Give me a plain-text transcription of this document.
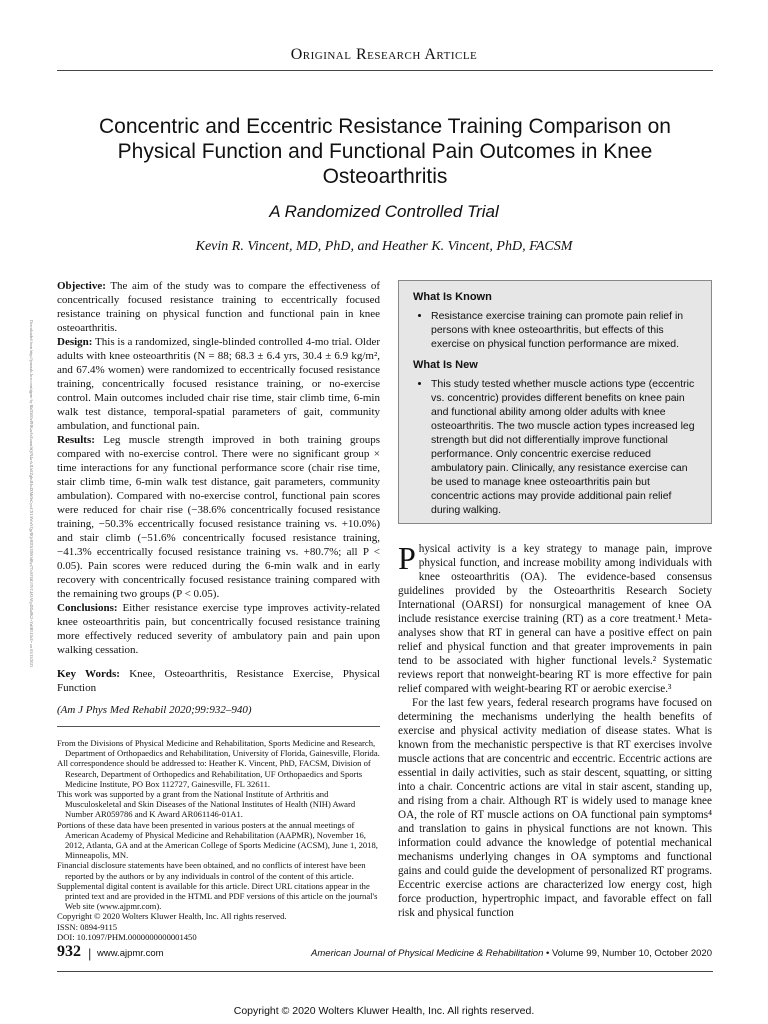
Original Research Article
Concentric and Eccentric Resistance Training Comparison on Physical Function and Functional Pain Outcomes in Knee Osteoarthritis
A Randomized Controlled Trial
Kevin R. Vincent, MD, PhD, and Heather K. Vincent, PhD, FACSM
Downloaded from http://journals.lww.com/ajpmr by BhDMf5ePHKav1zEoum1tQfN4a+kJLhEZgbsIHo4XMi0hCywCX1AWnYQp/IlQrHD3i3D0OdRyi7TvSFl4Cf3VC4/OAVpDDa8K2+Ya6H515kE= on 05/15/2023

Objective: The aim of the study was to compare the effectiveness of concentrically focused resistance training to eccentrically focused resistance training on physical function and functional pain in knee osteoarthritis.

Design: This is a randomized, single-blinded controlled 4-mo trial. Older adults with knee osteoarthritis (N = 88; 68.3 ± 6.4 yrs, 30.4 ± 6.9 kg/m², and 67.4% women) were randomized to eccentrically focused resistance training, concentrically focused resistance training, or no-exercise control. Main outcomes included chair rise time, stair climb time, 6-min walk test distance, temporal-spatial parameters of gait, community ambulation, and functional pain.

Results: Leg muscle strength improved in both training groups compared with no-exercise control. There were no significant group × time interactions for any functional performance score (chair rise time, stair climb time, 6-min walk test distance, gait parameters, community ambulation). Compared with no-exercise control, functional pain scores were reduced for chair rise (−38.6% concentrically focused resistance training, −50.3% eccentrically focused resistance training vs. +10.0%) and stair climb (−51.6% concentrically focused resistance training, −41.3% eccentrically focused resistance training vs. +80.7%; all P < 0.05). Pain scores were reduced during the 6-min walk and in early recovery with concentrically focused resistance training compared with the remaining two groups (P < 0.05).

Conclusions: Either resistance exercise type improves activity-related knee osteoarthritis pain, but concentrically focused resistance training more effectively reduced severity of ambulatory pain and pain upon walking cessation.

Key Words: Knee, Osteoarthritis, Resistance Exercise, Physical Function

(Am J Phys Med Rehabil 2020;99:932–940)

From the Divisions of Physical Medicine and Rehabilitation, Sports Medicine and Research, Department of Orthopaedics and Rehabilitation, University of Florida, Gainesville, Florida.

All correspondence should be addressed to: Heather K. Vincent, PhD, FACSM, Division of Research, Department of Orthopedics and Rehabilitation, UF Orthopaedics and Sports Medicine Institute, PO Box 112727, Gainesville, FL 32611.

This work was supported by a grant from the National Institute of Arthritis and Musculoskeletal and Skin Diseases of the National Institutes of Health (NIH) Award Number AR059786 and K Award AR061146-01A1.

Portions of these data have been presented in various posters at the annual meetings of American Academy of Physical Medicine and Rehabilitation (AAPMR), November 16, 2012, Atlanta, GA and at the American College of Sports Medicine (ACSM), June 1, 2018, Minneapolis, MN.

Financial disclosure statements have been obtained, and no conflicts of interest have been reported by the authors or by any individuals in control of the content of this article.

Supplemental digital content is available for this article. Direct URL citations appear in the printed text and are provided in the HTML and PDF versions of this article on the journal's Web site (www.ajpmr.com).

Copyright © 2020 Wolters Kluwer Health, Inc. All rights reserved.

ISSN: 0894-9115

DOI: 10.1097/PHM.0000000000001450

What Is Known
• Resistance exercise training can promote pain relief in persons with knee osteoarthritis, but effects of this exercise on physical function performance are mixed.
What Is New
• This study tested whether muscle actions type (eccentric vs. concentric) provides different benefits on knee pain and functional ability among older adults with knee osteoarthritis. The two muscle action types increased leg strength but did not differentially improve functional performance. Only concentric exercise reduced ambulatory pain. Clinically, any resistance exercise can be used to manage knee osteoarthritis pain but concentric actions may provide additional pain relief during walking.

Physical activity is a key strategy to manage pain, improve physical function, and increase mobility among individuals with knee osteoarthritis (OA). The evidence-based consensus guidelines provided by the Osteoarthritis Research Society International (OARSI) for nonsurgical management of knee OA include resistance exercise training (RT) as a core treatment.¹ Meta-analyses show that RT in general can have a positive effect on pain relief and physical function and that greater improvements in pain tend to be associated with higher functional levels.² Systematic reviews report that nonweight-bearing RT is more effective for pain relief compared with weight-bearing RT or aerobic exercise.³

For the last few years, federal research programs have focused on determining the mechanisms underlying the health benefits of exercise and physical activity mediation of disease states. What is known from the mechanistic perspective is that RT exercises involve muscle actions that are concentric and eccentric. Eccentric actions are essential in daily activities, such as stair descent, squatting, or sitting into a chair. Concentric actions are vital in stair ascent, standing up, and rising from a chair. Although RT is widely used to manage knee OA, the role of RT muscle actions on OA functional pain symptoms⁴ and translation to gains in physical functions are not known. This information could advance the knowledge of potential mechanical mechanisms underlying changes in OA symptoms and functional gains and could guide the development of personalized RT programs. Eccentric exercise actions are characterized low energy cost, high force production, hypertrophic impact, and favorable effect on fall risk and physical function

932 | www.ajpmr.com	American Journal of Physical Medicine & Rehabilitation • Volume 99, Number 10, October 2020
Copyright © 2020 Wolters Kluwer Health, Inc. All rights reserved.
